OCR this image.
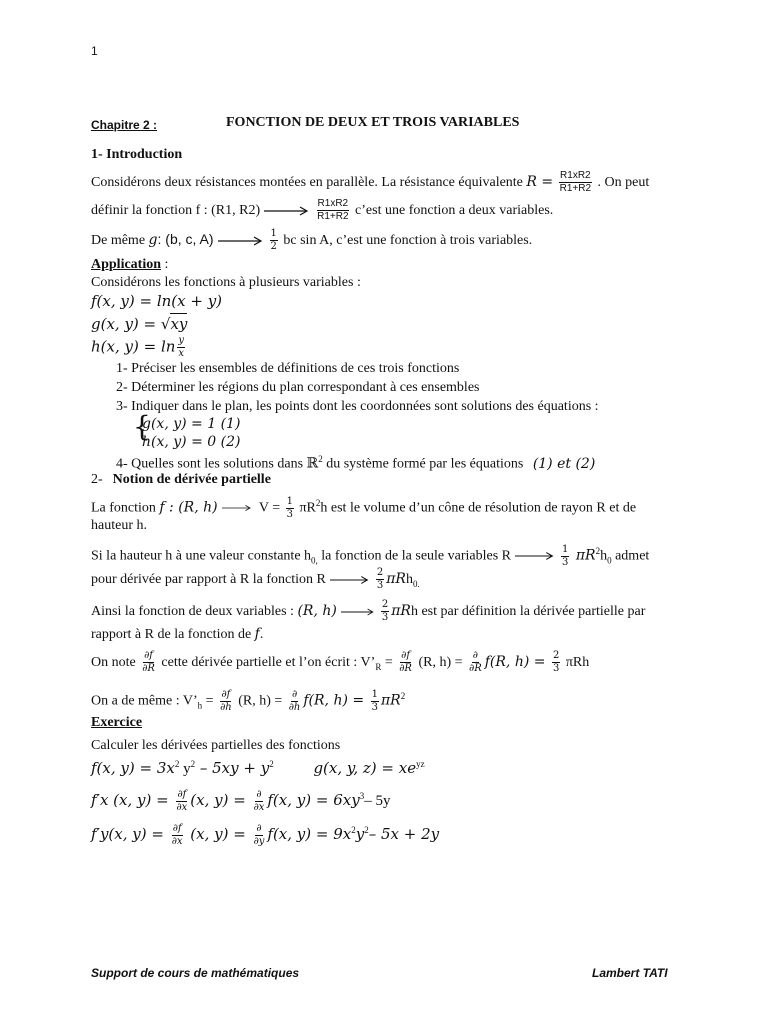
1
Chapitre 2 :	FONCTION DE DEUX ET TROIS VARIABLES
1- Introduction
Considérons deux résistances montées en parallèle. La résistance équivalente $R = \frac{R1xR2}{R1+R2}$ . On peut
définir la fonction f : (R1, R2)	$\frac{R1xR2}{R1+R2}$ c’est une fonction a deux variables.
De même g: (b, c, A)	$\frac{1}{2}$ bc sin A, c’est une fonction à trois variables.
Application :
Considérons les fonctions à plusieurs variables :
f(x, y) = ln(x + y)
g(x, y) = √xy
h(x, $y) = \ln \frac{y}{x}$
1- Préciser les ensembles de définitions de ces trois fonctions
2- Déterminer les régions du plan correspondant à ces ensembles
3- Indiquer dans le plan, les points dont les coordonnées sont solutions des équations :
{
g(x, y) = 1 (1)
h(x, y) = 0 (2)
4- Quelles sont les solutions dans ℝ$^2$ du système formé par les équations (1) et (2)
2- Notion de dérivée partielle
La fonction f : (R, h)	$V = \frac{1}{3} \pi R^2h$ est le volume d’un cône de résolution de rayon R et de
hauteur h.
Si la hauteur h à une valeur constante $h_{0,}$ la fonction de la seule variables R	$\frac{1}{3} \pi R^2h_0$ admet
pour dérivée par rapport à R la fonction R	$\frac{2}{3} \pi Rh_{0.}$
Ainsi la fonction de deux variables : (R, h)	$\frac{2}{3}$ πRh est par définition la dérivée partielle par
rapport à R de la fonction de f.
On note $\frac{\partial f}{\partial R}$ cette dérivée partielle et l’on écrit : $V’_R = \frac{\partial f}{\partial R} (R$, $h) = \frac{\partial}{\partial R} f(R$, $h) = \frac{2}{3}$ πRh
On a de même : $V’_h = \frac{\partial f}{\partial h} (R$, $h) = \frac{\partial}{\partial h} f(R$, $h) = \frac{1}{3} \pi R^2$
Exercice
Calculer les dérivées partielles des fonctions
f(x, $y) = 3x^2$ $y^2 - 5xy + y^2$	g(x, y, $z) = xe^{yz}$
f′x (x, $y) = \frac{\partial f}{\partial x} (x$, $y) = \frac{\partial}{\partial x} f(x$, $y) = 6xy^3-$ 5y
f′y(x, $y) = \frac{\partial f}{\partial x} (x$, $y) = \frac{\partial}{\partial y} f(x$, $y) = 9x^2y^2-$ 5x + 2y
Support de cours de mathématiques	Lambert TATI
